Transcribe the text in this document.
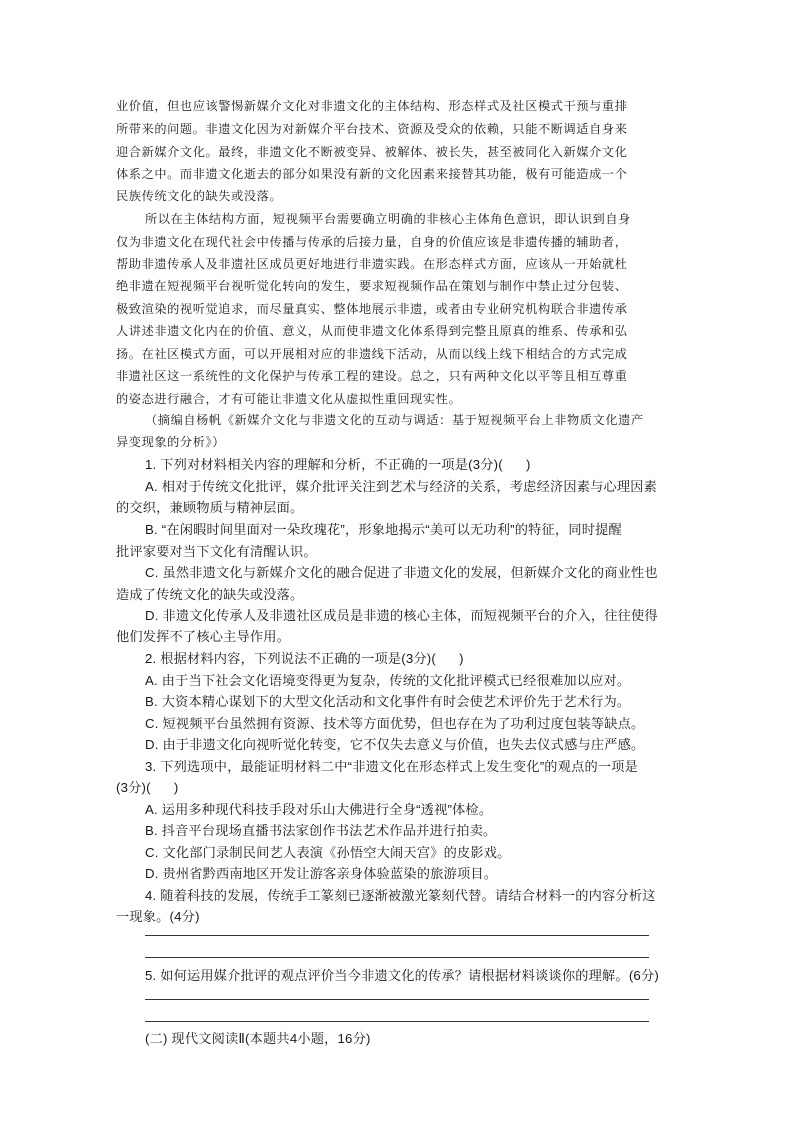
业价值，但也应该警惕新媒介文化对非遗文化的主体结构、形态样式及社区模式干预与重排
所带来的问题。非遗文化因为对新媒介平台技术、资源及受众的依赖，只能不断调适自身来
迎合新媒介文化。最终，非遗文化不断被变异、被解体、被长失，甚至被同化入新媒介文化
体系之中。而非遗文化逝去的部分如果没有新的文化因素来接替其功能，极有可能造成一个
民族传统文化的缺失或没落。
所以在主体结构方面，短视频平台需要确立明确的非核心主体角色意识，即认识到自身
仅为非遗文化在现代社会中传播与传承的后接力量，自身的价值应该是非遗传播的辅助者，
帮助非遗传承人及非遗社区成员更好地进行非遗实践。在形态样式方面，应该从一开始就杜
绝非遗在短视频平台视听觉化转向的发生，要求短视频作品在策划与制作中禁止过分包装、
极致渲染的视听觉追求，而尽量真实、整体地展示非遗，或者由专业研究机构联合非遗传承
人讲述非遗文化内在的价值、意义，从而使非遗文化体系得到完整且原真的维系、传承和弘
扬。在社区模式方面，可以开展相对应的非遗线下活动，从而以线上线下相结合的方式完成
非遗社区这一系统性的文化保护与传承工程的建设。总之，只有两种文化以平等且相互尊重
的姿态进行融合，才有可能让非遗文化从虚拟性重回现实性。
（摘编自杨帆《新媒介文化与非遗文化的互动与调适：基于短视频平台上非物质文化遗产
异变现象的分析》）
1. 下列对材料相关内容的理解和分析，不正确的一项是(3分)(      )
A. 相对于传统文化批评，媒介批评关注到艺术与经济的关系，考虑经济因素与心理因素
的交织，兼顾物质与精神层面。
B. “在闲暇时间里面对一朵玫瑰花”，形象地揭示“美可以无功利”的特征，同时提醒
批评家要对当下文化有清醒认识。
C. 虽然非遗文化与新媒介文化的融合促进了非遗文化的发展，但新媒介文化的商业性也
造成了传统文化的缺失或没落。
D. 非遗文化传承人及非遗社区成员是非遗的核心主体，而短视频平台的介入，往往使得
他们发挥不了核心主导作用。
2. 根据材料内容，下列说法不正确的一项是(3分)(      )
A. 由于当下社会文化语境变得更为复杂，传统的文化批评模式已经很难加以应对。
B. 大资本精心谋划下的大型文化活动和文化事件有时会使艺术评价先于艺术行为。
C. 短视频平台虽然拥有资源、技术等方面优势，但也存在为了功利过度包装等缺点。
D. 由于非遗文化向视听觉化转变，它不仅失去意义与价值，也失去仪式感与庄严感。
3. 下列选项中，最能证明材料二中“非遗文化在形态样式上发生变化”的观点的一项是
(3分)(      )
A. 运用多种现代科技手段对乐山大佛进行全身“透视”体检。
B. 抖音平台现场直播书法家创作书法艺术作品并进行拍卖。
C. 文化部门录制民间艺人表演《孙悟空大闹天宫》的皮影戏。
D. 贵州省黔西南地区开发让游客亲身体验蓝染的旅游项目。
4. 随着科技的发展，传统手工篆刻已逐渐被激光篆刻代替。请结合材料一的内容分析这
一现象。(4分)
5. 如何运用媒介批评的观点评价当今非遗文化的传承？请根据材料谈谈你的理解。(6分)
(二) 现代文阅读Ⅱ(本题共4小题，16分)
